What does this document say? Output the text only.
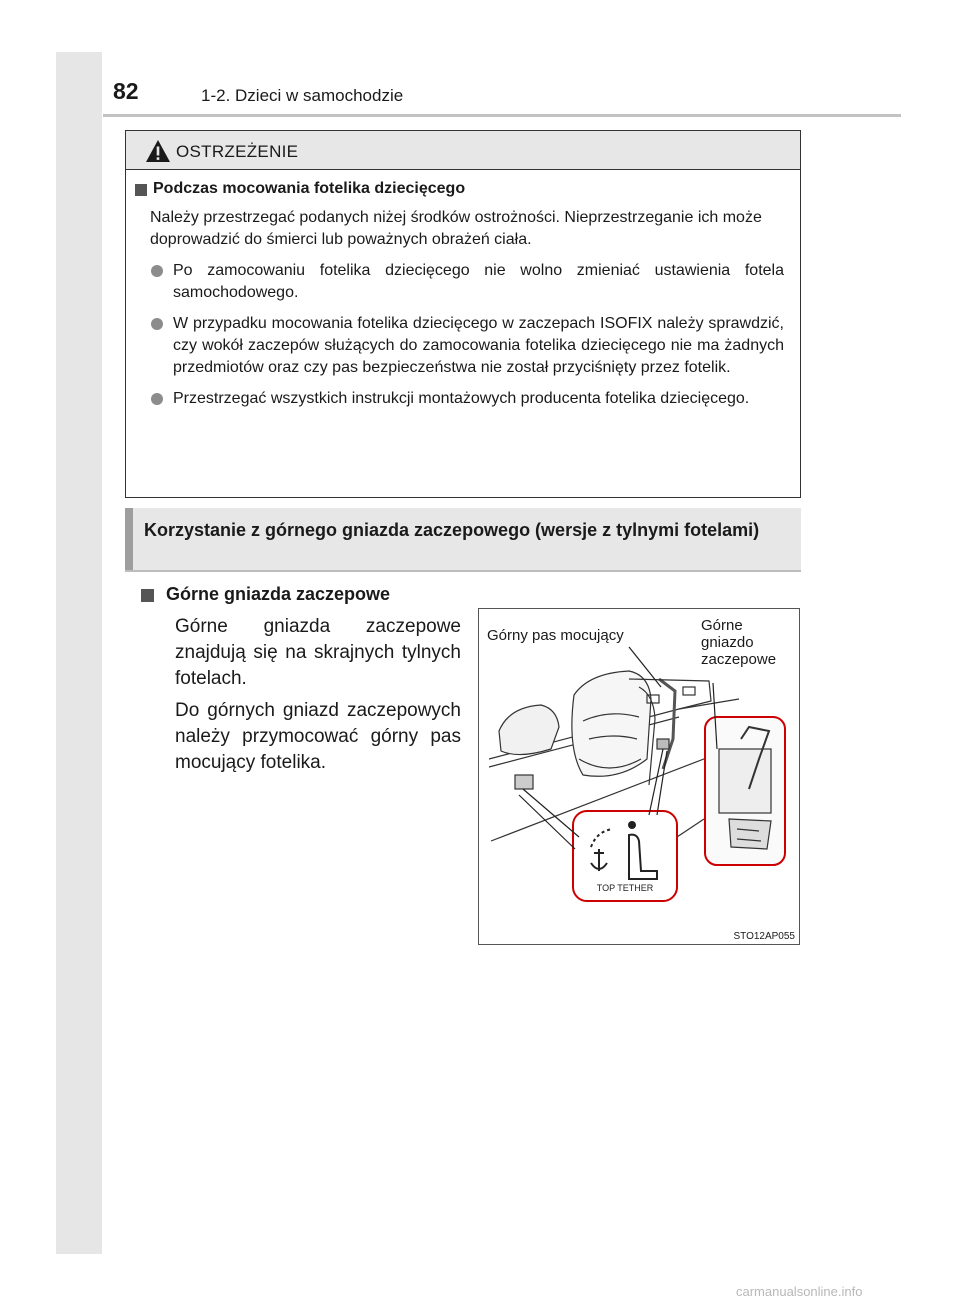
82	1-2. Dzieci w samochodzie
OSTRZEŻENIE
Podczas mocowania fotelika dziecięcego
Należy przestrzegać podanych niżej środków ostrożności. Nieprzestrzeganie ich może doprowadzić do śmierci lub poważnych obrażeń ciała.
Po zamocowaniu fotelika dziecięcego nie wolno zmieniać ustawienia fotela samochodowego.
W przypadku mocowania fotelika dziecięcego w zaczepach ISOFIX należy sprawdzić, czy wokół zaczepów służących do zamocowania fotelika dziecięcego nie ma żadnych przedmiotów oraz czy pas bezpieczeństwa nie został przyciśnięty przez fotelik.
Przestrzegać wszystkich instrukcji montażowych producenta fotelika dziecięcego.
Korzystanie z górnego gniazda zaczepowego (wersje z tylnymi fotelami)
Górne gniazda zaczepowe
Górne gniazda zaczepowe znajdują się na skrajnych tylnych fotelach.
Do górnych gniazd zaczepowych należy przymocować górny pas mocujący fotelika.
TOP TETHER
Górny pas mocujący
Górne
gniazdo
zaczepowe
STO12AP055
carmanualsonline.info
